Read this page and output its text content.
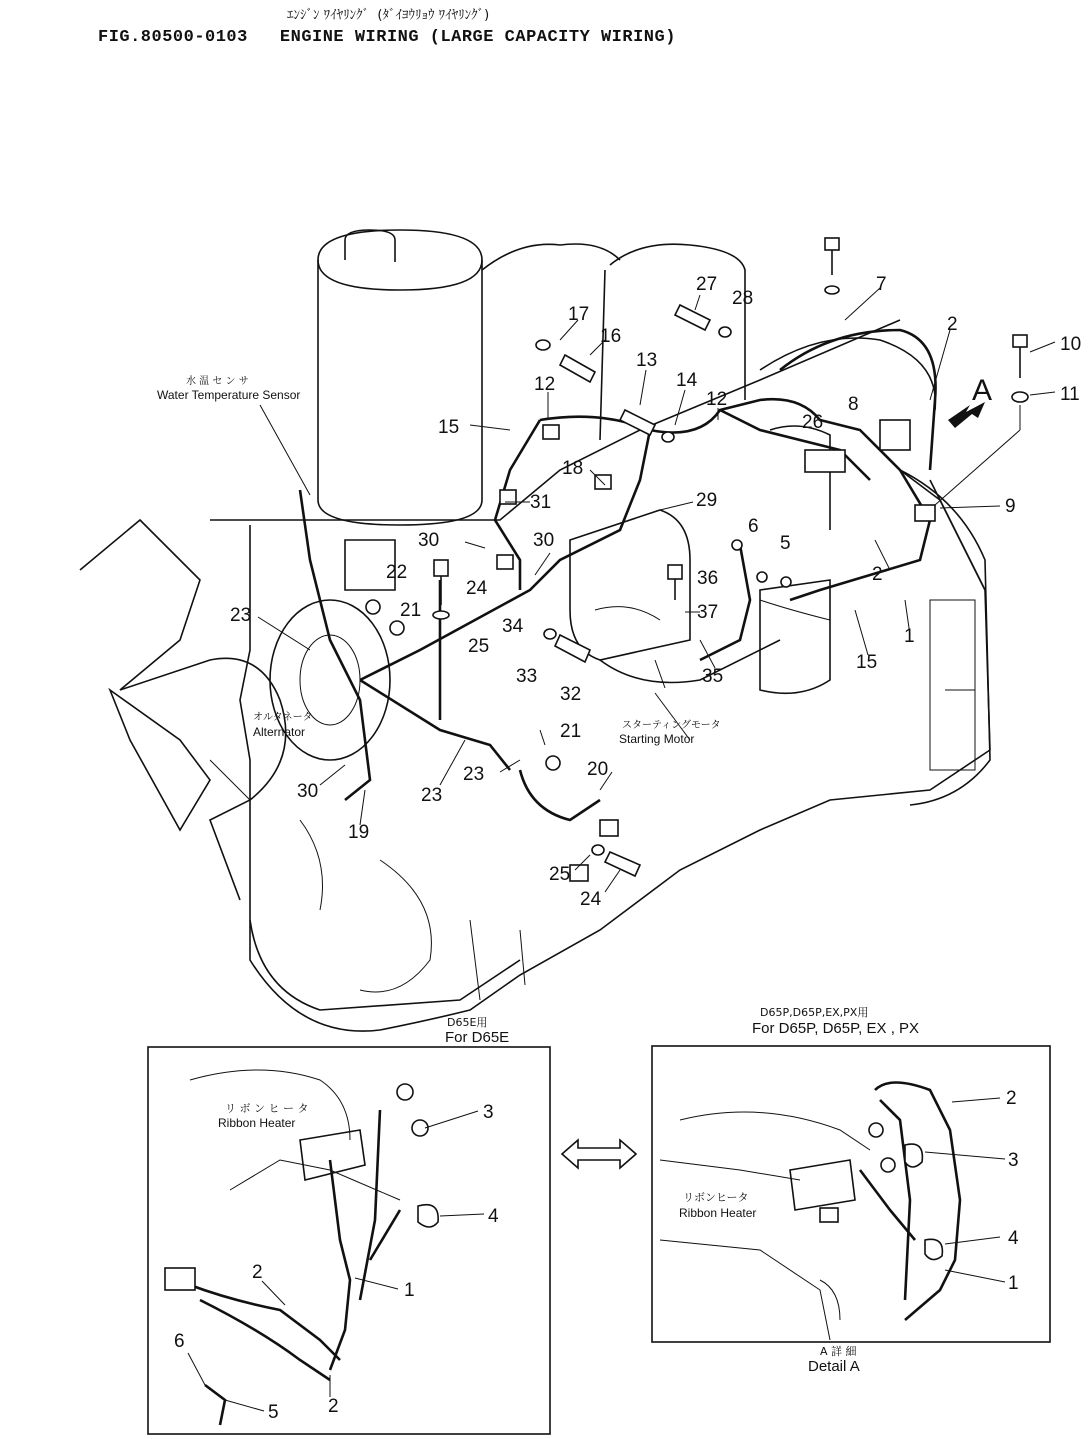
ｴﾝｼﾞﾝ ﾜｲﾔﾘﾝｸﾞ  (ﾀﾞｲﾖｳﾘｮｳ ﾜｲﾔﾘﾝｸﾞ)
FIG.80500-0103   ENGINE WIRING (LARGE CAPACITY WIRING)
10
11
7
2
27
28
17
16
13
14
12
12
15	26
8
9
18
31	29
30	30
6
5
2
22
24	36
21
23
25
34
37
1
15
33	35
32
30
19
23
23
21
20
25
24
A
水 温 セ ン サ
Water Temperature Sensor
オルタネータ
Alternator	スターティングモータ
Starting Motor
D65E用
For D65E
リ ボ ン ヒ ー タ
Ribbon Heater	3
4
1
2
2
6
5
D65P,D65P,EX,PX用
For D65P, D65P, EX , PX
リボンヒータ
Ribbon Heater
2
3
4
1
A 詳 細
Detail A
